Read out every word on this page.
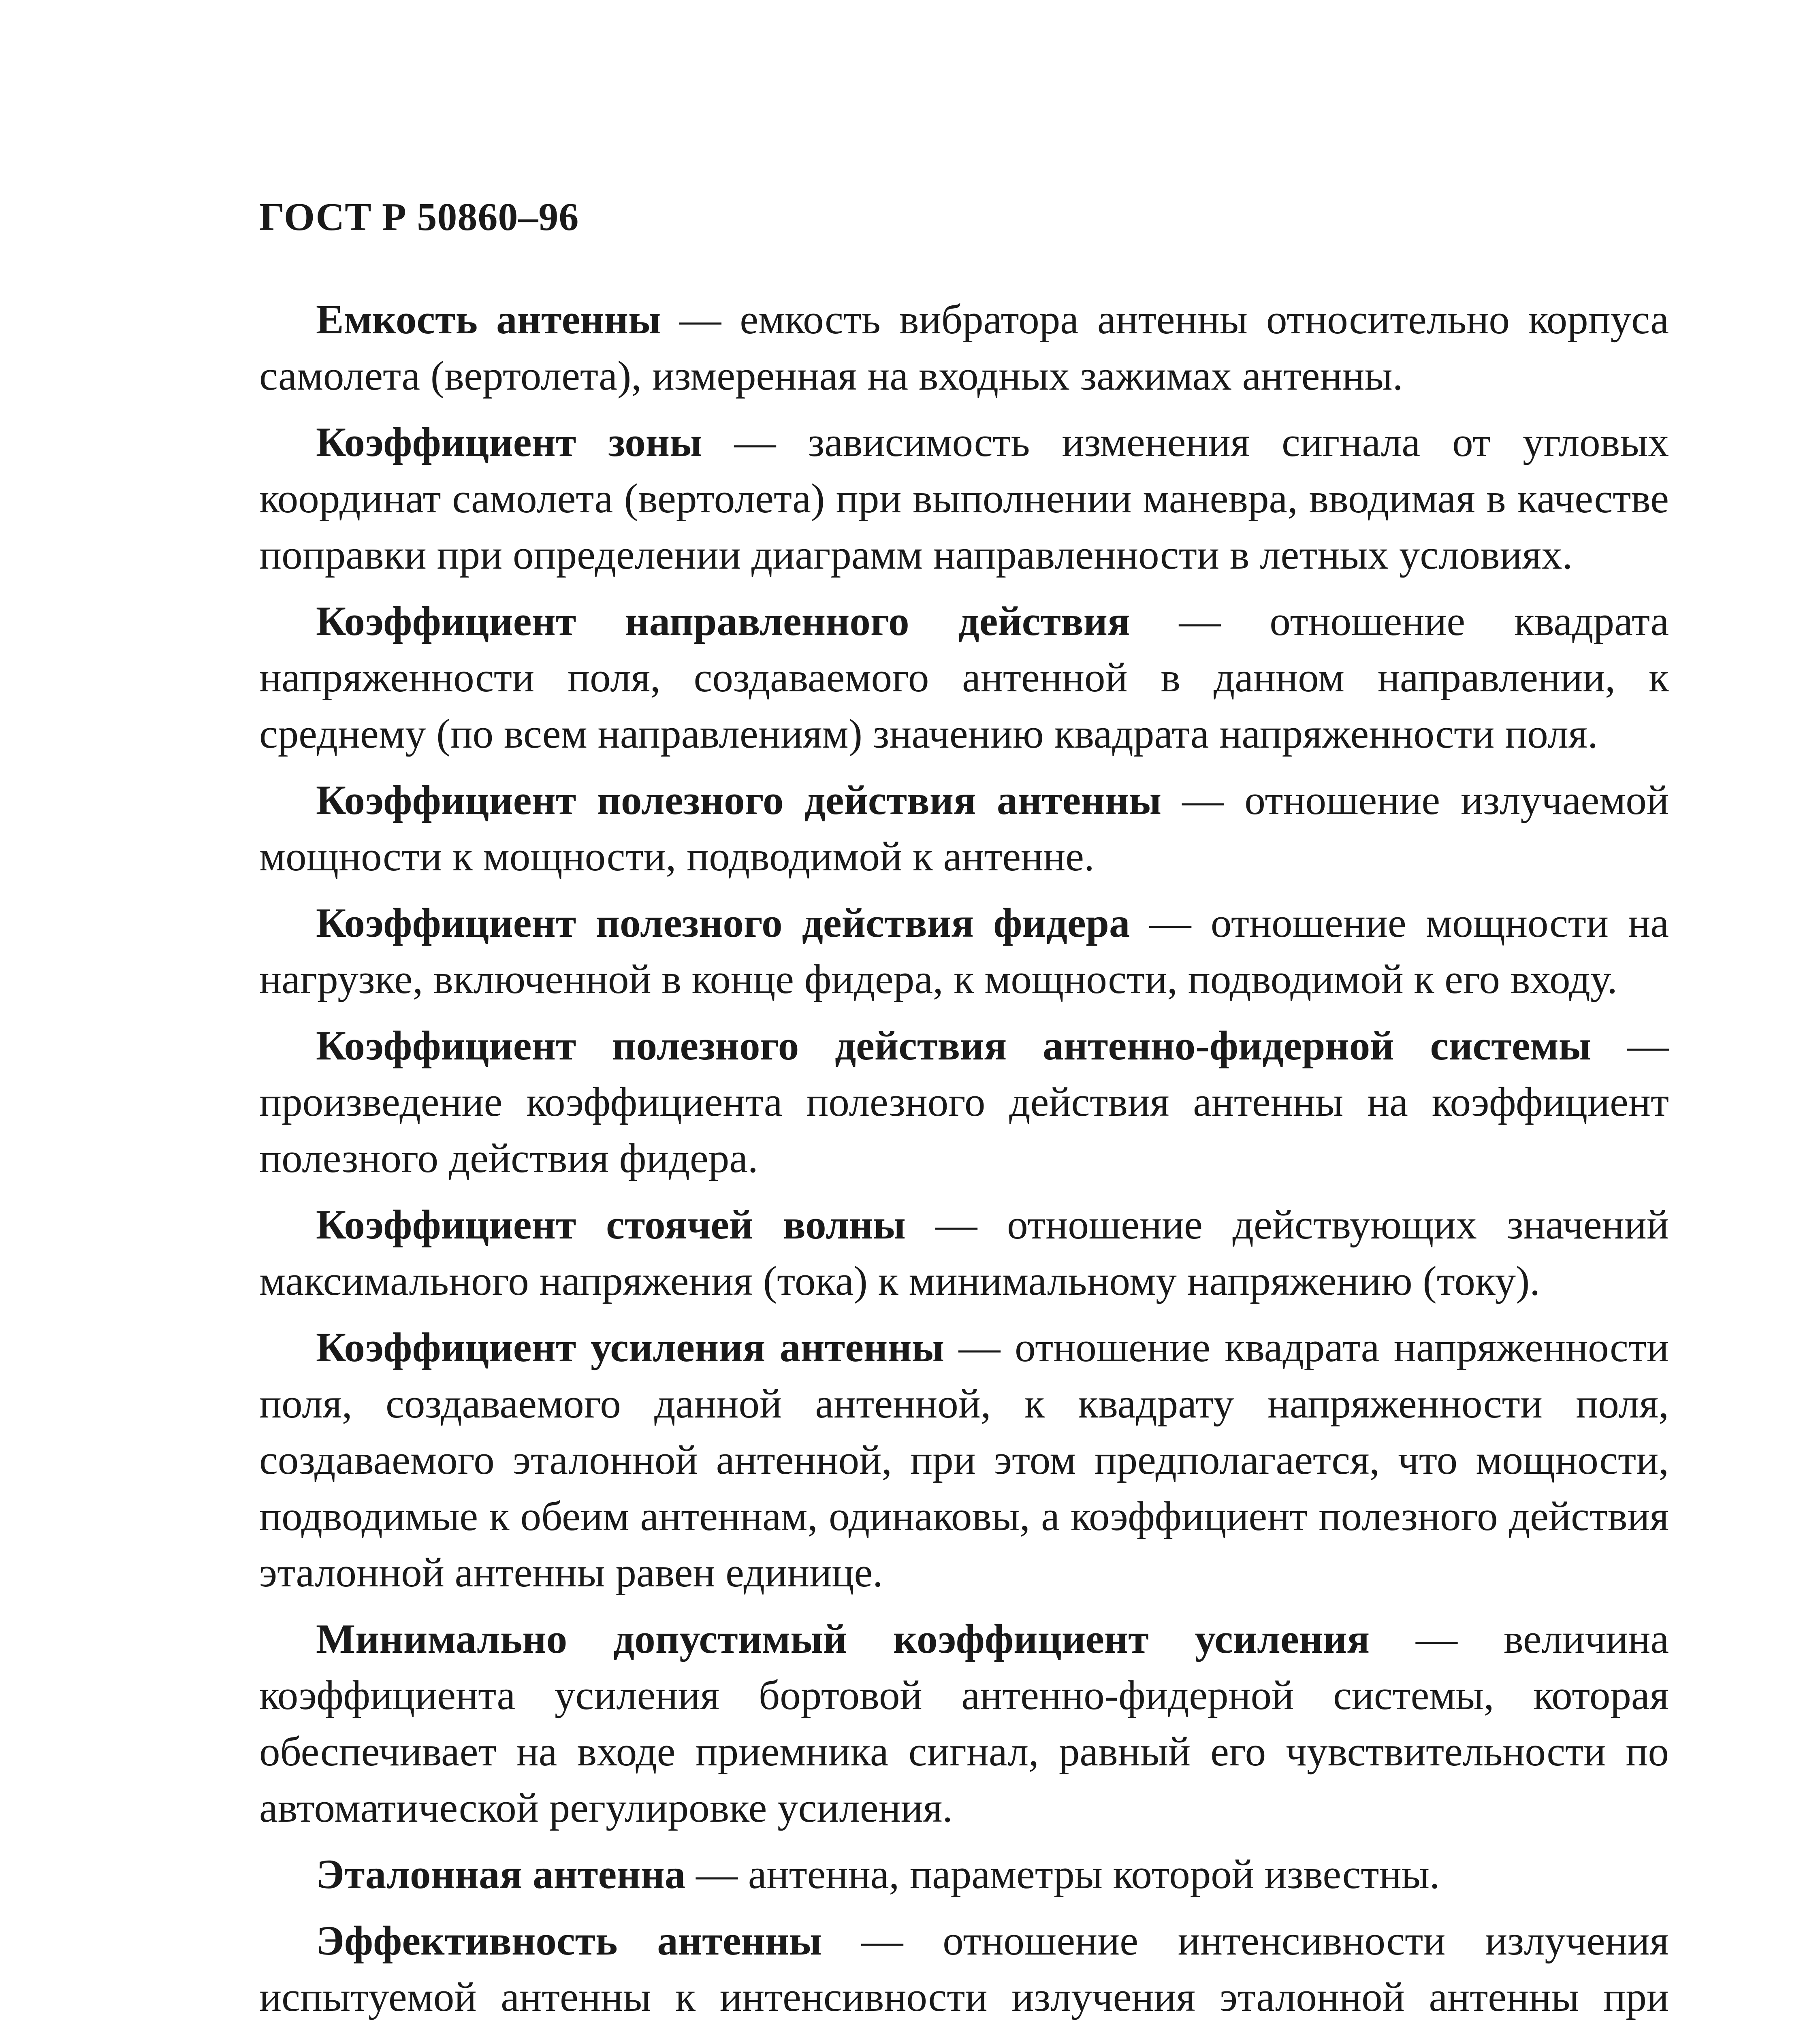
ГОСТ Р 50860–96

Емкость антенны — емкость вибратора антенны относительно корпуса самолета (вертолета), измеренная на входных зажимах антенны.

Коэффициент зоны — зависимость изменения сигнала от угловых координат самолета (вертолета) при выполнении маневра, вводимая в качестве поправки при определении диаграмм направленности в летных условиях.

Коэффициент направленного действия — отношение квадрата напряженности поля, создаваемого антенной в данном направлении, к среднему (по всем направлениям) значению квадрата напряженности поля.

Коэффициент полезного действия антенны — отношение излучаемой мощности к мощности, подводимой к антенне.

Коэффициент полезного действия фидера — отношение мощности на нагрузке, включенной в конце фидера, к мощности, подводимой к его входу.

Коэффициент полезного действия антенно-фидерной системы — произведение коэффициента полезного действия антенны на коэффициент полезного действия фидера.

Коэффициент стоячей волны — отношение действующих значений максимального напряжения (тока) к минимальному напряжению (току).

Коэффициент усиления антенны — отношение квадрата напряженности поля, создаваемого данной антенной, к квадрату напряженности поля, создаваемого эталонной антенной, при этом предполагается, что мощности, подводимые к обеим антеннам, одинаковы, а коэффициент полезного действия эталонной антенны равен единице.

Минимально допустимый коэффициент усиления — величина коэффициента усиления бортовой антенно-фидерной системы, которая обеспечивает на входе приемника сигнал, равный его чувствительности по автоматической регулировке усиления.

Эталонная антенна — антенна, параметры которой известны.

Эффективность антенны — отношение интенсивности излучения испытуемой антенны к интенсивности излучения эталонной антенны при
